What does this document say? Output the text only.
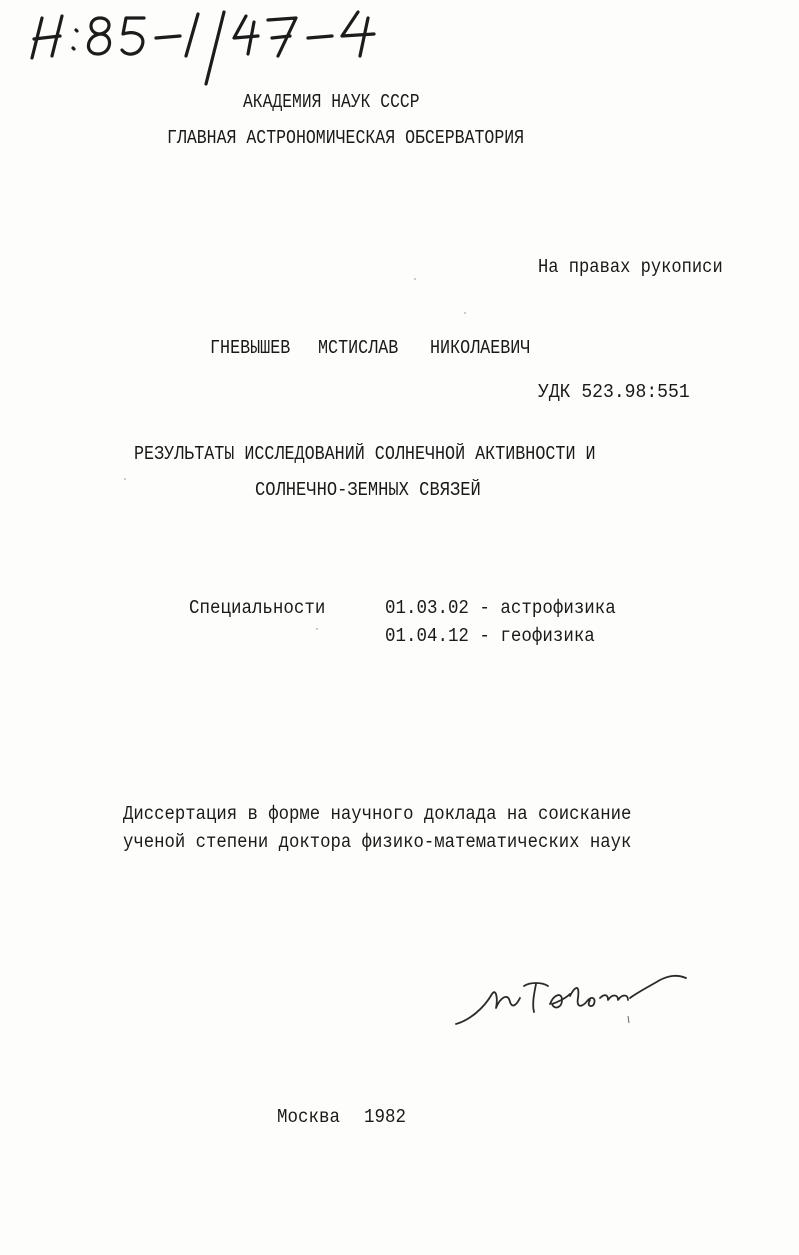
АКАДЕМИЯ НАУК СССР
ГЛАВНАЯ АСТРОНОМИЧЕСКАЯ ОБСЕРВАТОРИЯ
На правах рукописи
ГНЕВЫШЕВ	МСТИСЛАВ	НИКОЛАЕВИЧ
УДК 523.98:551
РЕЗУЛЬТАТЫ ИССЛЕДОВАНИЙ СОЛНЕЧНОЙ АКТИВНОСТИ И
СОЛНЕЧНО-ЗЕМНЫХ СВЯЗЕЙ
Специальности	01.03.02 - астрофизика
01.04.12 - геофизика
Диссертация в форме научного доклада на соискание
ученой степени доктора физико-математических наук
Москва 1982
